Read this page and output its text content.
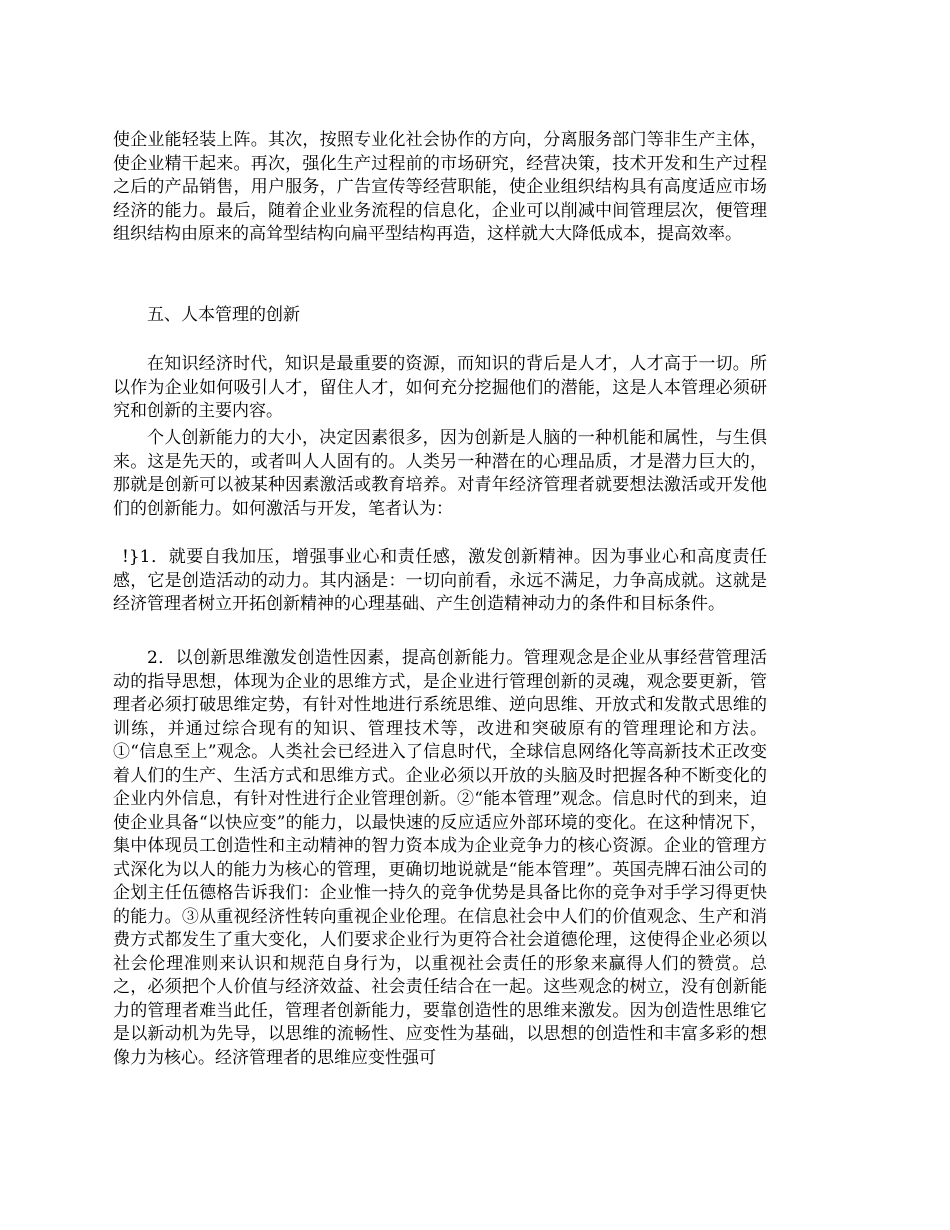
使企业能轻装上阵。其次，按照专业化社会协作的方向，分离服务部门等非生产主体，使企业精干起来。再次，强化生产过程前的市场研究，经营决策，技术开发和生产过程之后的产品销售，用户服务，广告宣传等经营职能，使企业组织结构具有高度适应市场经济的能力。最后，随着企业业务流程的信息化，企业可以削减中间管理层次，便管理组织结构由原来的高耸型结构向扁平型结构再造，这样就大大降低成本，提高效率。

五、人本管理的创新

在知识经济时代，知识是最重要的资源，而知识的背后是人才，人才高于一切。所以作为企业如何吸引人才，留住人才，如何充分挖掘他们的潜能，这是人本管理必须研究和创新的主要内容。

个人创新能力的大小，决定因素很多，因为创新是人脑的一种机能和属性，与生俱来。这是先天的，或者叫人人固有的。人类另一种潜在的心理品质，才是潜力巨大的，那就是创新可以被某种因素激活或教育培养。对青年经济管理者就要想法激活或开发他们的创新能力。如何激活与开发，笔者认为：

!}1．就要自我加压，增强事业心和责任感，激发创新精神。因为事业心和高度责任感，它是创造活动的动力。其内涵是：一切向前看，永远不满足，力争高成就。这就是经济管理者树立开拓创新精神的心理基础、产生创造精神动力的条件和目标条件。

2．以创新思维激发创造性因素，提高创新能力。管理观念是企业从事经营管理活动的指导思想，体现为企业的思维方式，是企业进行管理创新的灵魂，观念要更新，管理者必须打破思维定势，有针对性地进行系统思维、逆向思维、开放式和发散式思维的训练，并通过综合现有的知识、管理技术等，改进和突破原有的管理理论和方法。①“信息至上”观念。人类社会已经进入了信息时代，全球信息网络化等高新技术正改变着人们的生产、生活方式和思维方式。企业必须以开放的头脑及时把握各种不断变化的企业内外信息，有针对性进行企业管理创新。②“能本管理”观念。信息时代的到来，迫使企业具备“以快应变”的能力，以最快速的反应适应外部环境的变化。在这种情况下，集中体现员工创造性和主动精神的智力资本成为企业竞争力的核心资源。企业的管理方式深化为以人的能力为核心的管理，更确切地说就是“能本管理”。英国壳牌石油公司的企划主任伍德格告诉我们：企业惟一持久的竞争优势是具备比你的竞争对手学习得更快的能力。③从重视经济性转向重视企业伦理。在信息社会中人们的价值观念、生产和消费方式都发生了重大变化，人们要求企业行为更符合社会道德伦理，这使得企业必须以社会伦理准则来认识和规范自身行为，以重视社会责任的形象来赢得人们的赞赏。总之，必须把个人价值与经济效益、社会责任结合在一起。这些观念的树立，没有创新能力的管理者难当此任，管理者创新能力，要靠创造性的思维来激发。因为创造性思维它是以新动机为先导，以思维的流畅性、应变性为基础，以思想的创造性和丰富多彩的想像力为核心。经济管理者的思维应变性强可
